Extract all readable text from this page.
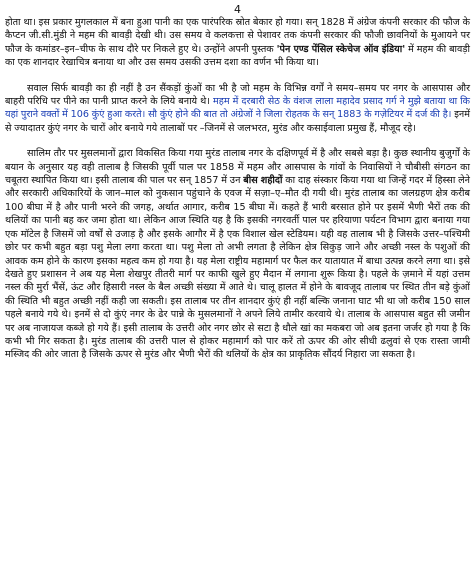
4

होता था। इस प्रकार मुगलकाल में बना हुआ पानी का एक पारंपरिक स्रोत बेकार हो गया। सन् 1828 में अंग्रेज कंपनी सरकार की फौज के कैप्टन जी.सी.मुंडी ने महम की बावड़ी देखी थी। उस समय वे कलकत्ता से पेशावर तक कंपनी सरकार की फौजी छावनियों के मुआयने पर फौज के कमांडर–इन–चीफ के साथ दौरे पर निकले हुए थे। उन्होंने अपनी पुस्तक 'पेन एण्ड पेंसिल स्केचेज ऑव इंडिया' में महम की बावड़ी का एक शानदार रेखाचित्र बनाया था और उस समय उसकी उत्तम दशा का वर्णन भी किया था।

सवाल सिर्फ बावड़ी का ही नहीं है उन सैंकड़ों कुंओं का भी है जो महम के विभिन्न वर्गों ने समय–समय पर नगर के आसपास और बाहरी परिधि पर पीने का पानी प्राप्त करने के लिये बनाये थे। महम में दरबारी सेठ के वंशज लाला महादेव प्रसाद गर्ग ने मुझे बताया था कि यहां पुराने वक्तों में 106 कुंएं हुआ करते। सौ कुंएं होने की बात तो अंग्रेजों ने जिला रोहतक के सन् 1883 के गज़ेटियर में दर्ज की है। इनमें से ज्यादातर कुंएं नगर के चारों ओर बनाये गये तालाबों पर –जिनमें से जलभरत, मुरंड और कसाईवाला प्रमुख हैं, मौजूद रहे।

सालिम तौर पर मुसलमानों द्वारा विकसित किया गया मुरंड तालाब नगर के दक्षिणपूर्व में है और सबसे बड़ा है। कुछ स्थानीय बुजुर्गों के बयान के अनुसार यह वही तालाब है जिसकी पूर्वी पाल पर 1858 में महम और आसपास के गांवों के निवासियों ने चौबीसी संगठन का चबूतरा स्थापित किया था। इसी तालाब की पाल पर सन् 1857 में उन बीस शहीदों का दाह संस्कार किया गया था जिन्हें गदर में हिस्सा लेने और सरकारी अधिकारियों के जान–माल को नुकसान पहुंचाने के एवज में सज़ा–ए–मौत दी गयी थी। मुरंड तालाब का जलग्रहण क्षेत्र करीब 100 बीघा में है और पानी भरने की जगह, अर्थात आगार, करीब 15 बीघा में। कहते हैं भारी बरसात होने पर इसमें भैणी भैरों तक की थलियों का पानी बह कर जमा होता था। लेकिन आज स्थिति यह है कि इसकी नगरवर्ती पाल पर हरियाणा पर्यटन विभाग द्वारा बनाया गया एक मॉटेल है जिसमें जो वर्षों से उजाड़ है और इसके आगौर में है एक विशाल खेल स्टेडियम। यही वह तालाब भी है जिसके उत्तर–पश्चिमी छोर पर कभी बहुत बड़ा पशु मेला लगा करता था। पशु मेला तो अभी लगता है लेकिन क्षेत्र सिकुड़ जाने और अच्छी नस्ल के पशुओं की आवक कम होने के कारण इसका महत्व कम हो गया है। यह मेला राष्ट्रीय महामार्ग पर फैल कर यातायात में बाधा उत्पन्न करने लगा था। इसे देखते हुए प्रशासन ने अब यह मेला शेखपुर तीतरी मार्ग पर काफी खुले हुए मैदान में लगाना शुरू किया है। पहले के ज़माने में यहां उत्तम नस्ल की मुर्रा भैंसें, ऊंट और हिसारी नस्ल के बैल अच्छी संख्या में आते थे। चालू हालत में होने के बावजूद तालाब पर स्थित तीन बड़े कुंओं की स्थिति भी बहुत अच्छी नहीं कही जा सकती। इस तालाब पर तीन शानदार कुंएं ही नहीं बल्कि जनाना घाट भी था जो करीब 150 साल पहले बनाये गये थे। इनमें से दो कुंएं नगर के ढेर पान्ने के मुसलमानों ने अपने लिये तामीर करवाये थे। तालाब के आसपास बहुत सी जमीन पर अब नाजायज कब्जे हो गये हैं। इसी तालाब के उत्तरी ओर नगर छोर से सटा है धौले खां का मकबरा जो अब इतना जर्जर हो गया है कि कभी भी गिर सकता है। मुरंड तालाब की उत्तरी पाल से होकर महामार्ग को पार करें तो ऊपर की ओर सीधी ढलुवां से एक रास्ता जामी मस्जिद की ओर जाता है जिसके ऊपर से मुरंड और भैणी भैरों की थलियों के क्षेत्र का प्राकृतिक सौंदर्य निहारा जा सकता है।
